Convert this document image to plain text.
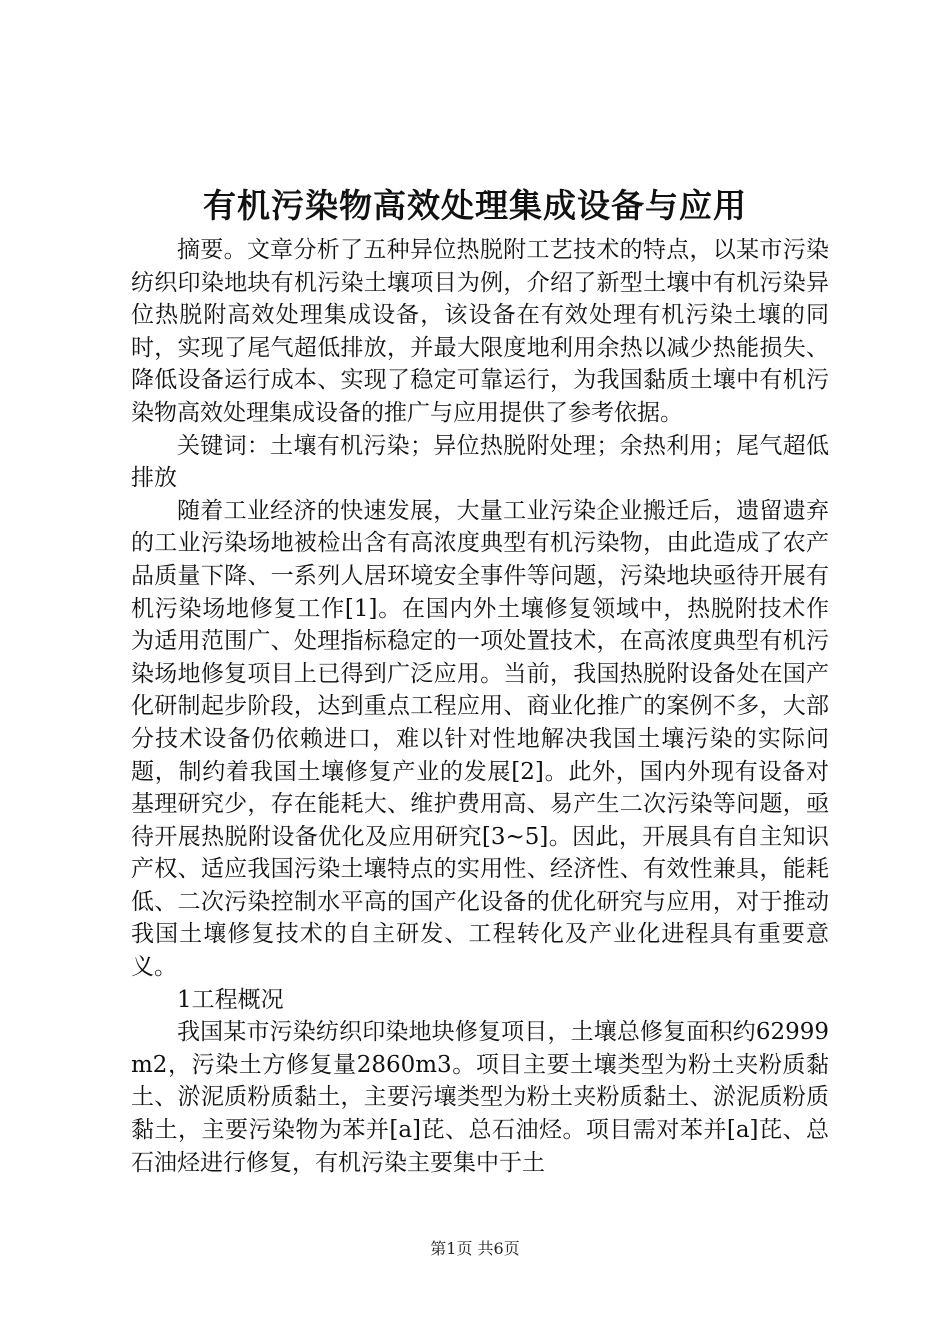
有机污染物高效处理集成设备与应用

摘要。文章分析了五种异位热脱附工艺技术的特点，以某市污染纺织印染地块有机污染土壤项目为例，介绍了新型土壤中有机污染异位热脱附高效处理集成设备，该设备在有效处理有机污染土壤的同时，实现了尾气超低排放，并最大限度地利用余热以减少热能损失、降低设备运行成本、实现了稳定可靠运行，为我国黏质土壤中有机污染物高效处理集成设备的推广与应用提供了参考依据。

关键词：土壤有机污染；异位热脱附处理；余热利用；尾气超低排放

随着工业经济的快速发展，大量工业污染企业搬迁后，遗留遗弃的工业污染场地被检出含有高浓度典型有机污染物，由此造成了农产品质量下降、一系列人居环境安全事件等问题，污染地块亟待开展有机污染场地修复工作[1]。在国内外土壤修复领域中，热脱附技术作为适用范围广、处理指标稳定的一项处置技术，在高浓度典型有机污染场地修复项目上已得到广泛应用。当前，我国热脱附设备处在国产化研制起步阶段，达到重点工程应用、商业化推广的案例不多，大部分技术设备仍依赖进口，难以针对性地解决我国土壤污染的实际问题，制约着我国土壤修复产业的发展[2]。此外，国内外现有设备对基理研究少，存在能耗大、维护费用高、易产生二次污染等问题，亟待开展热脱附设备优化及应用研究[3~5]。因此，开展具有自主知识产权、适应我国污染土壤特点的实用性、经济性、有效性兼具，能耗低、二次污染控制水平高的国产化设备的优化研究与应用，对于推动我国土壤修复技术的自主研发、工程转化及产业化进程具有重要意义。

1工程概况

我国某市污染纺织印染地块修复项目，土壤总修复面积约62999m2，污染土方修复量2860m3。项目主要土壤类型为粉土夹粉质黏土、淤泥质粉质黏土，主要污壤类型为粉土夹粉质黏土、淤泥质粉质黏土，主要污染物为苯并[a]芘、总石油烃。项目需对苯并[a]芘、总石油烃进行修复，有机污染主要集中于土

第1页 共6页
